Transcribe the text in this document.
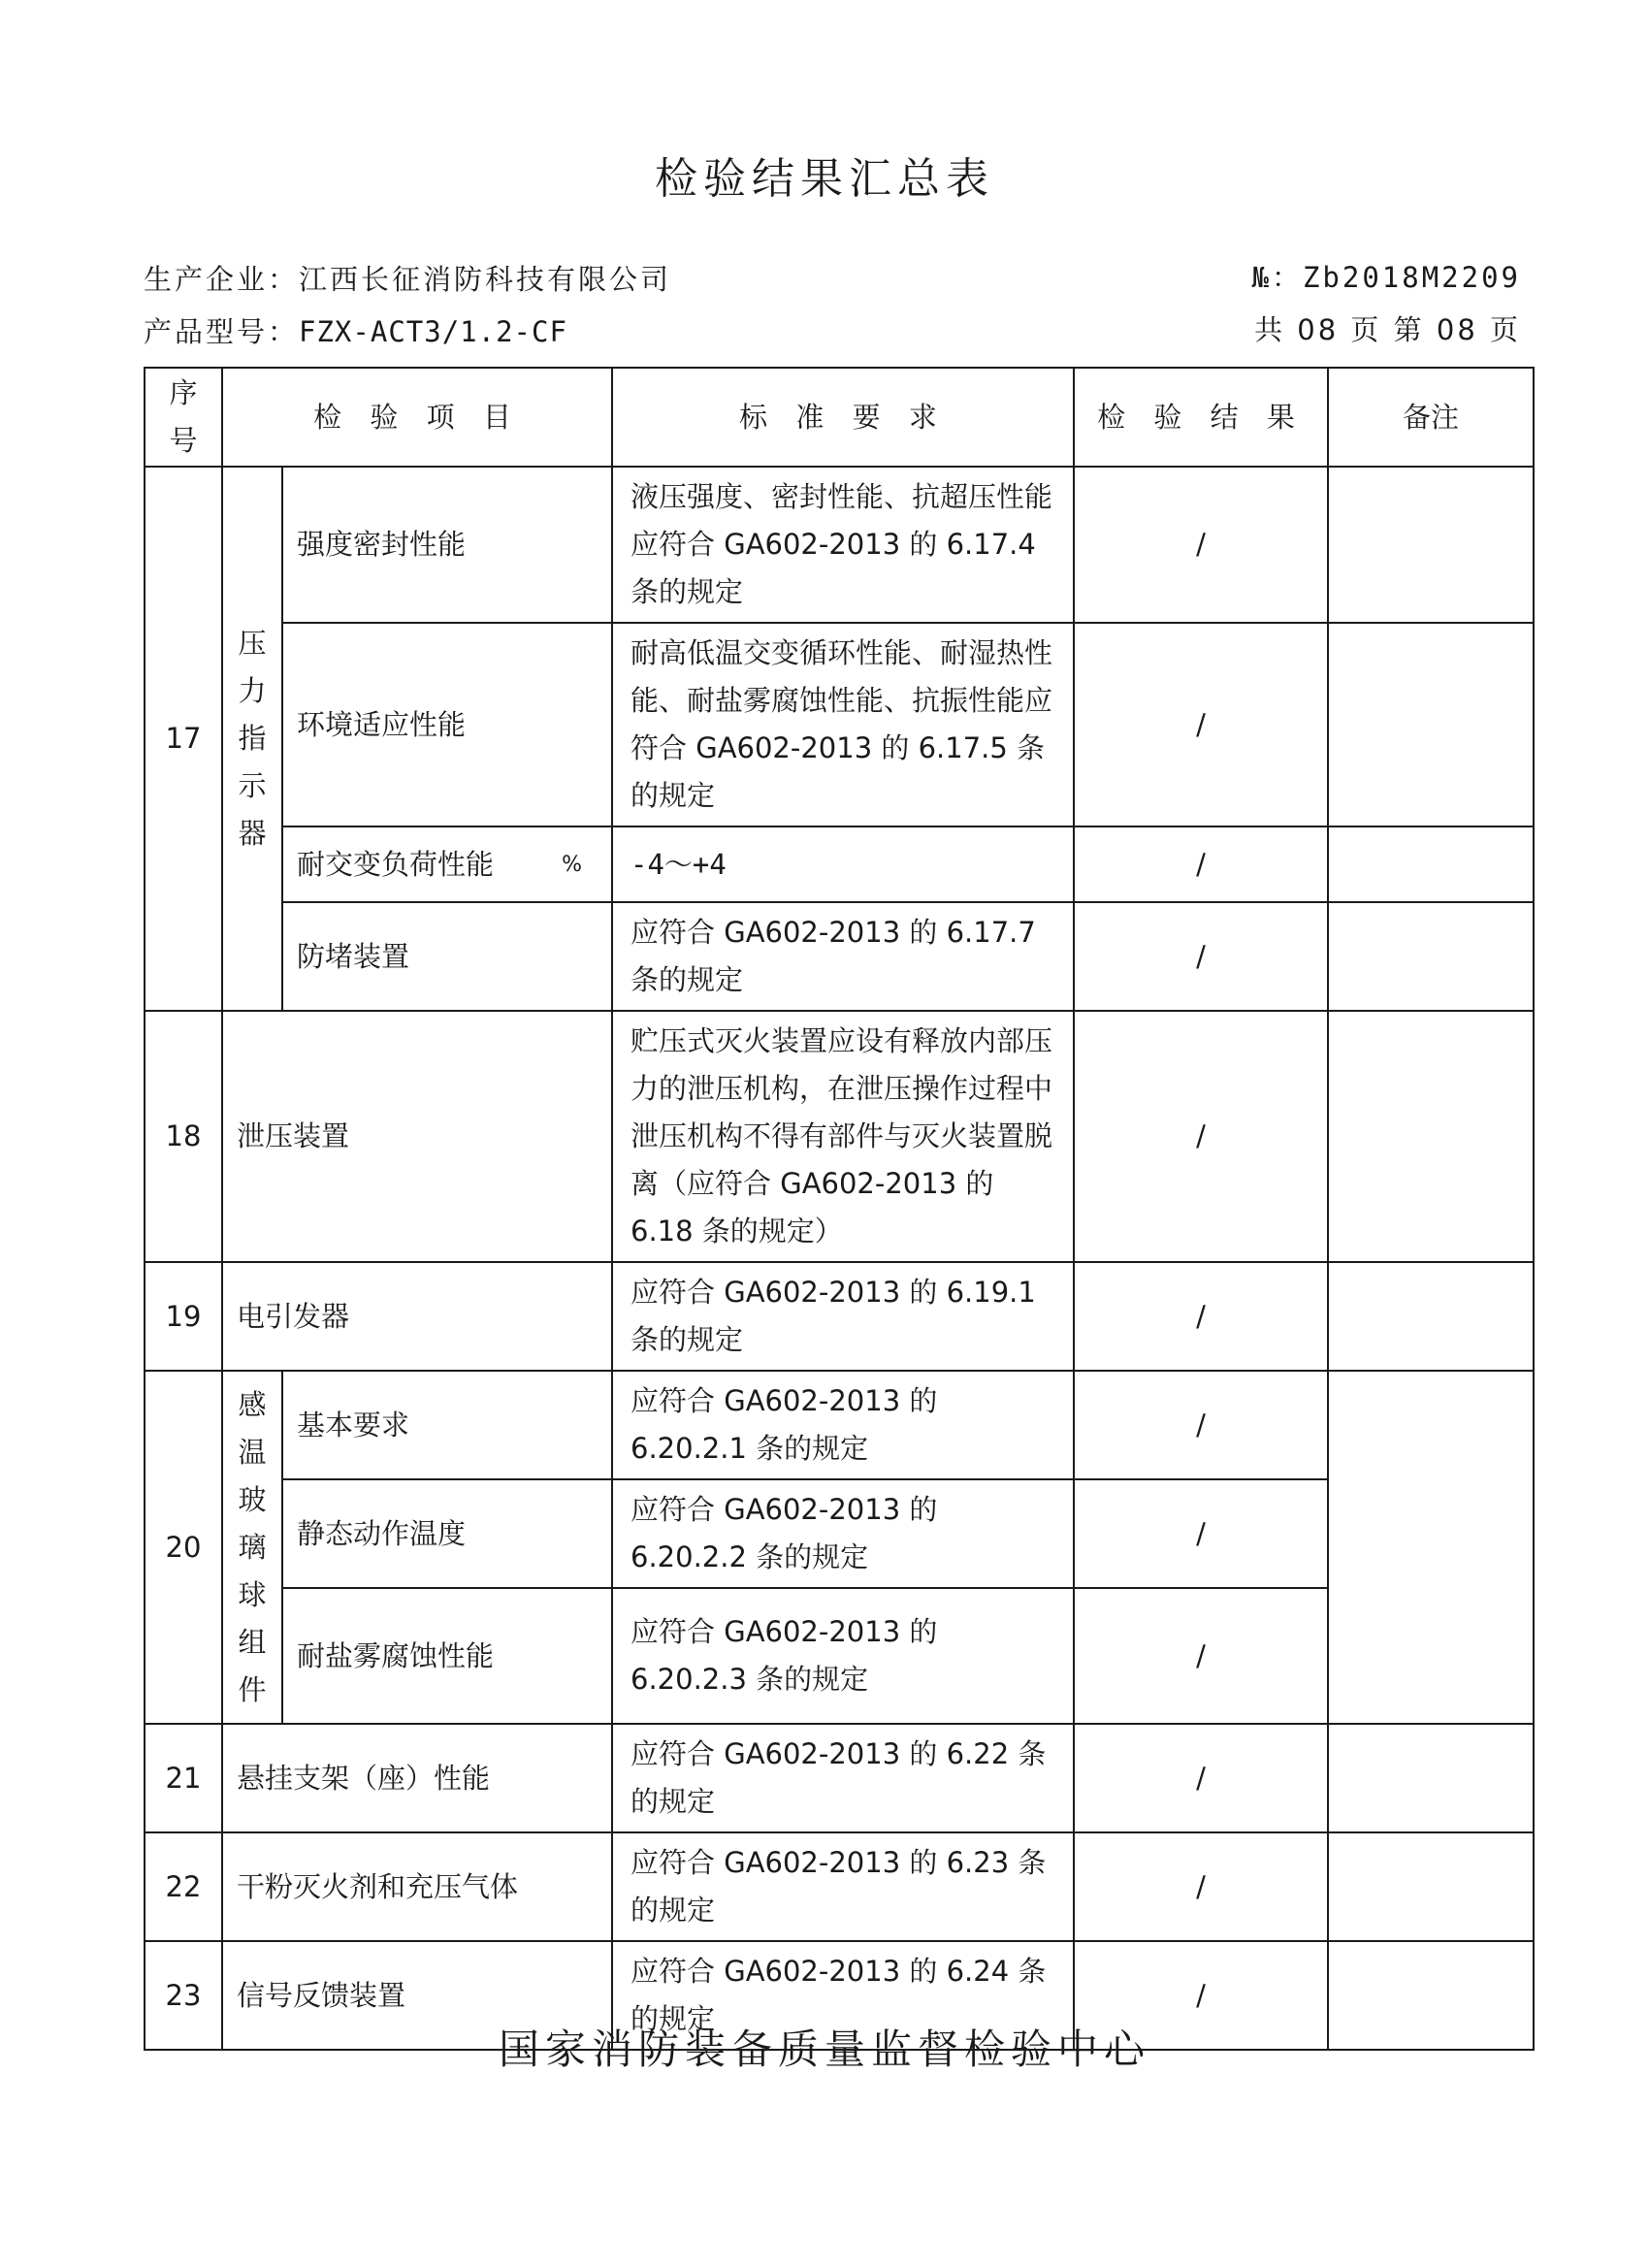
检验结果汇总表
生产企业：江西长征消防科技有限公司
产品型号：FZX-ACT3/1.2-CF
№：Zb2018M2209
共 08 页 第 08 页
序号	检 验 项 目		标 准 要 求	检 验 结 果	备注
17	压力指示器	强度密封性能	液压强度、密封性能、抗超压性能应符合 GA602-2013 的 6.17.4 条的规定	/	
		环境适应性能	耐高低温交变循环性能、耐湿热性能、耐盐雾腐蚀性能、抗振性能应符合 GA602-2013 的 6.17.5 条的规定	/	
		耐交变负荷性能 %	-4～+4	/	
		防堵装置	应符合 GA602-2013 的 6.17.7 条的规定	/	
18	泄压装置		贮压式灭火装置应设有释放内部压力的泄压机构，在泄压操作过程中泄压机构不得有部件与灭火装置脱离（应符合 GA602-2013 的 6.18 条的规定）	/	
19	电引发器		应符合 GA602-2013 的 6.19.1 条的规定	/	
20	感温玻璃球组件	基本要求	应符合 GA602-2013 的 6.20.2.1 条的规定	/	
		静态动作温度	应符合 GA602-2013 的 6.20.2.2 条的规定	/	
		耐盐雾腐蚀性能	应符合 GA602-2013 的 6.20.2.3 条的规定	/	
21	悬挂支架（座）性能		应符合 GA602-2013 的 6.22 条的规定	/	
22	干粉灭火剂和充压气体		应符合 GA602-2013 的 6.23 条的规定	/	
23	信号反馈装置		应符合 GA602-2013 的 6.24 条的规定	/	
国家消防装备质量监督检验中心
